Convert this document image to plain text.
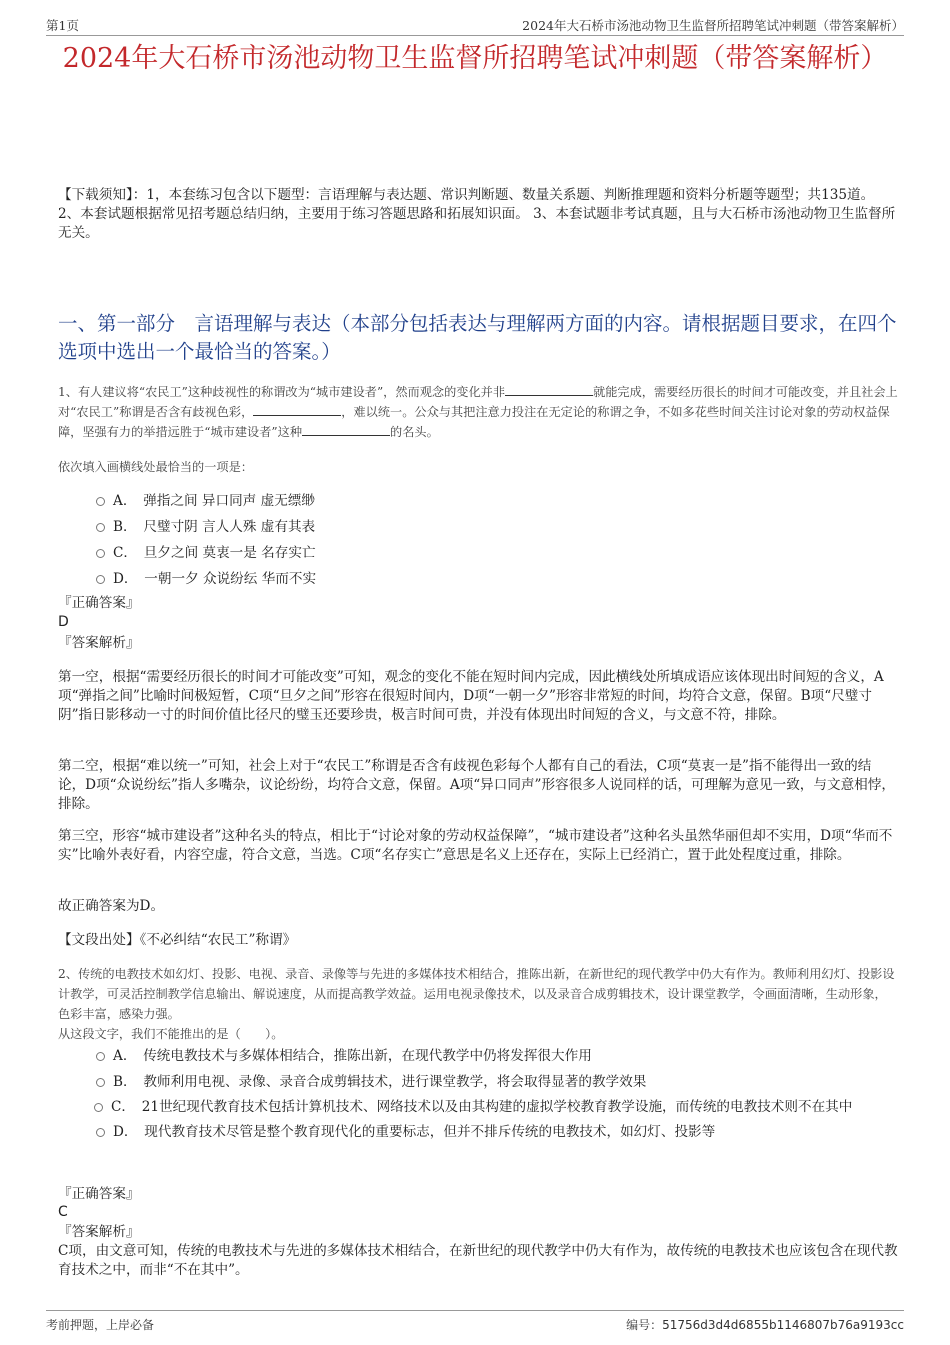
第1页	2024年大石桥市汤池动物卫生监督所招聘笔试冲刺题（带答案解析）
2024年大石桥市汤池动物卫生监督所招聘笔试冲刺题（带答案解析）
【下载须知】：1，本套练习包含以下题型：言语理解与表达题、常识判断题、数量关系题、判断推理题和资料分析题等题型；共135道。 2、本套试题根据常见招考题总结归纳，主要用于练习答题思路和拓展知识面。 3、本套试题非考试真题，且与大石桥市汤池动物卫生监督所无关。
一、第一部分　言语理解与表达（本部分包括表达与理解两方面的内容。请根据题目要求，在四个选项中选出一个最恰当的答案。）
1、有人建议将“农民工”这种歧视性的称谓改为“城市建设者”，然而观念的变化并非	就能完成，需要经历很长的时间才可能改变，并且社会上对“农民工”称谓是否含有歧视色彩，	，难以统一。公众与其把注意力投注在无定论的称谓之争，不如多花些时间关注讨论对象的劳动权益保障，坚强有力的举措远胜于“城市建设者”这种	的名头。
依次填入画横线处最恰当的一项是：
A．　弹指之间 异口同声 虚无缥缈
B．　尺璧寸阴 言人人殊 虚有其表
C．　旦夕之间 莫衷一是 名存实亡
D．　一朝一夕 众说纷纭 华而不实
『正确答案』
D
『答案解析』
第一空，根据“需要经历很长的时间才可能改变”可知，观念的变化不能在短时间内完成，因此横线处所填成语应该体现出时间短的含义，A项“弹指之间”比喻时间极短暂，C项“旦夕之间”形容在很短时间内，D项“一朝一夕”形容非常短的时间，均符合文意，保留。B项“尺璧寸阴”指日影移动一寸的时间价值比径尺的璧玉还要珍贵，极言时间可贵，并没有体现出时间短的含义，与文意不符，排除。
第二空，根据“难以统一”可知，社会上对于“农民工”称谓是否含有歧视色彩每个人都有自己的看法，C项“莫衷一是”指不能得出一致的结论，D项“众说纷纭”指人多嘴杂，议论纷纷，均符合文意，保留。A项“异口同声”形容很多人说同样的话，可理解为意见一致，与文意相悖，排除。
第三空，形容“城市建设者”这种名头的特点，相比于“讨论对象的劳动权益保障”，“城市建设者”这种名头虽然华丽但却不实用，D项“华而不实”比喻外表好看，内容空虚，符合文意，当选。C项“名存实亡”意思是名义上还存在，实际上已经消亡，置于此处程度过重，排除。
故正确答案为D。
【文段出处】《不必纠结“农民工”称谓》
2、传统的电教技术如幻灯、投影、电视、录音、录像等与先进的多媒体技术相结合，推陈出新，在新世纪的现代教学中仍大有作为。教师利用幻灯、投影设计教学，可灵活控制教学信息输出、解说速度，从而提高教学效益。运用电视录像技术，以及录音合成剪辑技术，设计课堂教学，令画面清晰，生动形象，色彩丰富，感染力强。
从这段文字，我们不能推出的是（　　）。
A．　传统电教技术与多媒体相结合，推陈出新，在现代教学中仍将发挥很大作用
B．　教师利用电视、录像、录音合成剪辑技术，进行课堂教学，将会取得显著的教学效果
C．　21世纪现代教育技术包括计算机技术、网络技术以及由其构建的虚拟学校教育教学设施，而传统的电教技术则不在其中
D．　现代教育技术尽管是整个教育现代化的重要标志，但并不排斥传统的电教技术，如幻灯、投影等
『正确答案』
C
『答案解析』
C项，由文意可知，传统的电教技术与先进的多媒体技术相结合，在新世纪的现代教学中仍大有作为，故传统的电教技术也应该包含在现代教育技术之中，而非“不在其中”。
考前押题，上岸必备	编号：51756d3d4d6855b1146807b76a9193cc
